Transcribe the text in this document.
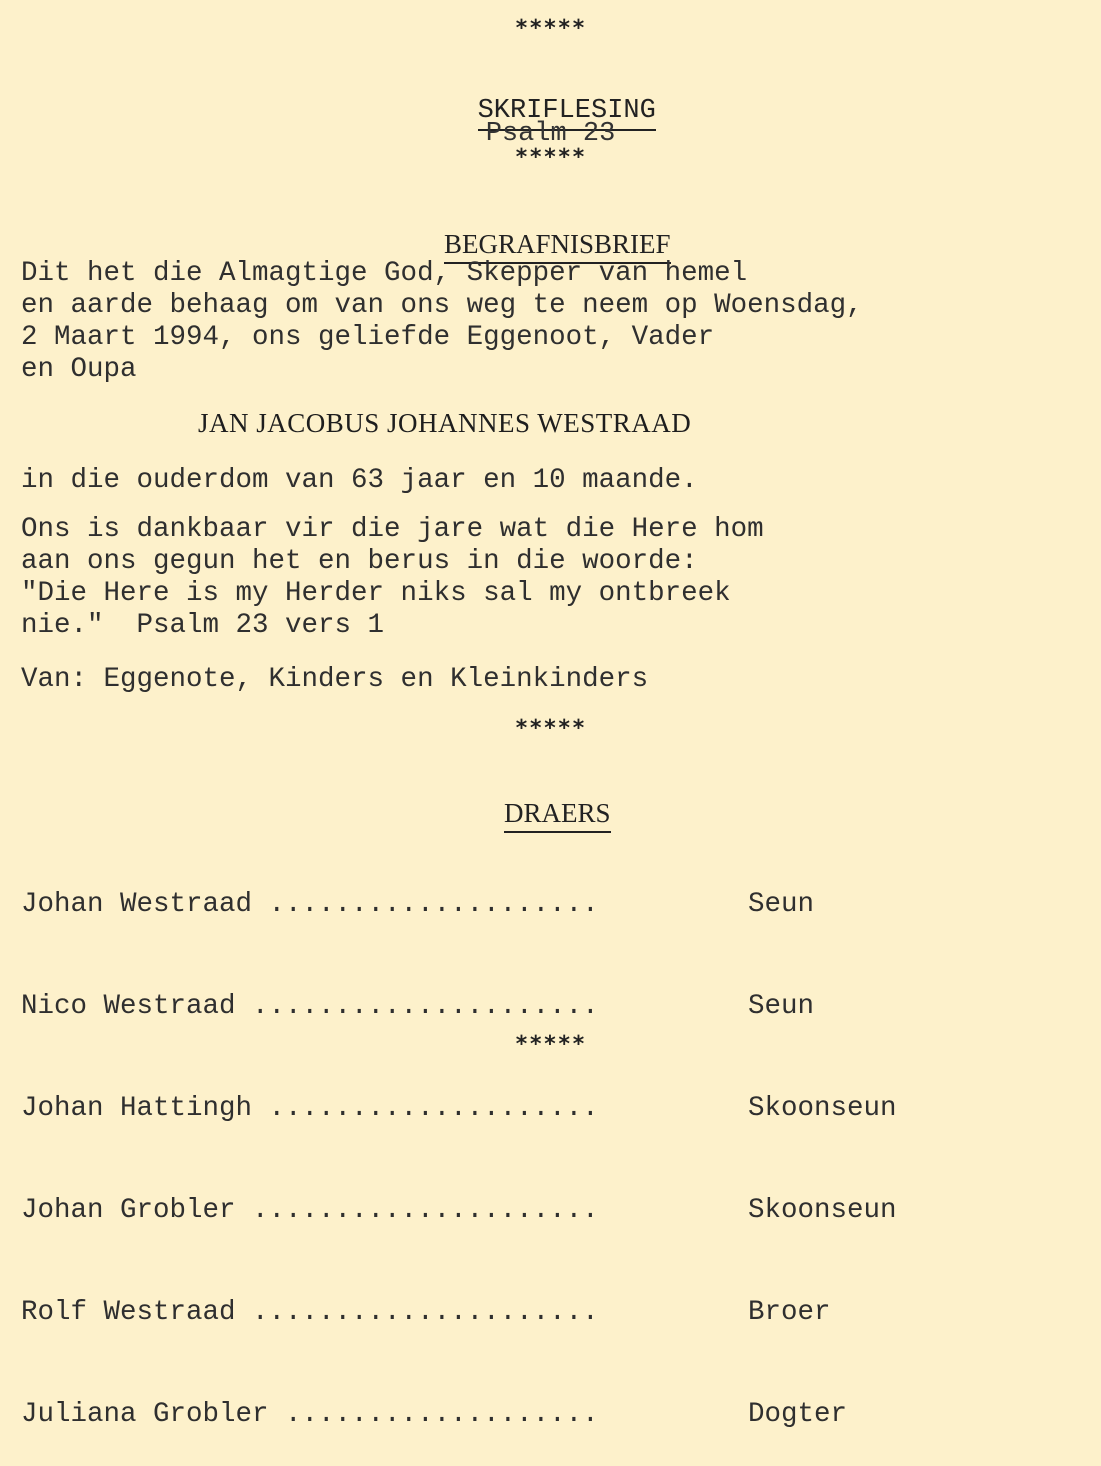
*****

SKRIFLESING

Psalm 23
*****

BEGRAFNISBRIEF

Dit het die Almagtige God, Skepper van hemel
en aarde behaag om van ons weg te neem op Woensdag,
2 Maart 1994, ons geliefde Eggenoot, Vader
en Oupa
JAN JACOBUS JOHANNES WESTRAAD
in die ouderdom van 63 jaar en 10 maande.
Ons is dankbaar vir die jare wat die Here hom
aan ons gegun het en berus in die woorde:
"Die Here is my Herder niks sal my ontbreek
nie."  Psalm 23 vers 1
Van: Eggenote, Kinders en Kleinkinders
*****

DRAERS

Johan Westraad ....................	Seun

Nico Westraad .....................	Seun

Johan Hattingh ....................	Skoonseun

Johan Grobler .....................	Skoonseun

Rolf Westraad .....................	Broer

Juliana Grobler ...................	Dogter

*****
